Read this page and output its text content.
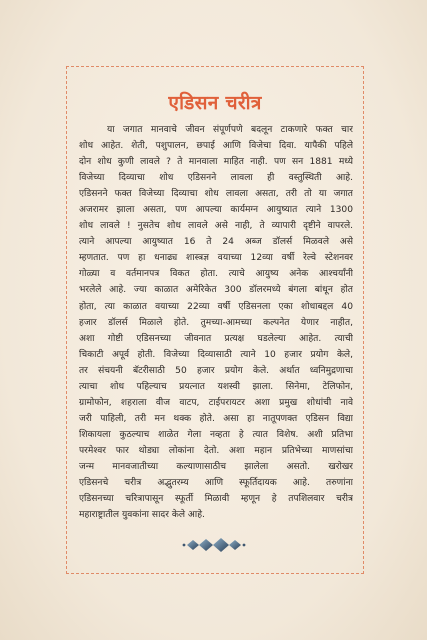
एडिसन चरीत्र
या जगात मानवाचे जीवन संपूर्णपणे बदलून टाकणारे फक्त चार
शोध आहेत. शेती, पशुपालन, छपाई आणि विजेचा दिवा. यापैकी पहिले
दोन शोध कुणी लावले ? ते मानवाला माहित नाही. पण सन 1881 मध्ये
विजेच्या दिव्याचा शोध एडिसनने लावला ही वस्तुस्थिती आहे.
एडिसनने फक्त विजेच्या दिव्याचा शोध लावला असता, तरी तो या जगात
अजरामर झाला असता, पण आपल्या कार्यमग्न आयुष्यात त्याने 1300
शोध लावले ! नुसतेच शोध लावले असे नाही, ते व्यापारी दृष्टीने वापरले.
त्याने आपल्या आयुष्यात 16 ते 24 अब्ज डॉलर्स मिळवले असे
म्हणतात. पण हा धनाढ्य शास्त्रज्ञ वयाच्या 12व्या वर्षी रेल्वे स्टेशनवर
गोळ्या व वर्तमानपत्र विकत होता. त्याचे आयुष्य अनेक आश्चर्यांनी
भरलेले आहे. ज्या काळात अमेरिकेत 300 डॉलरमध्ये बंगला बांधून होत
होता, त्या काळात वयाच्या 22व्या वर्षी एडिसनला एका शोधाबद्दल 40
हजार डॉलर्स मिळाले होते. तुमच्या-आमच्या कल्पनेत येणार नाहीत,
अशा गोष्टी एडिसनच्या जीवनात प्रत्यक्ष घडलेल्या आहेत. त्याची
चिकाटी अपूर्व होती. विजेच्या दिव्यासाठी त्याने 10 हजार प्रयोग केले,
तर संचयनी बॅटरीसाठी 50 हजार प्रयोग केले. अर्थात ध्वनिमुद्रणाचा
त्याचा शोध पहिल्याच प्रयत्नात यशस्वी झाला. सिनेमा, टेलिफोन,
ग्रामोफोन, शहराला वीज वाटप, टाईपरायटर अशा प्रमुख शोधांची नावे
जरी पाहिली, तरी मन थक्क होते. असा हा नातूपणक्त एडिसन विद्या
शिकायला कुठल्याच शाळेत गेला नव्हता हे त्यात विशेष. अशी प्रतिभा
परमेश्वर फार थोड्या लोकांना देतो. अशा महान प्रतिभेच्या माणसांचा
जन्म मानवजातीच्या कल्याणासाठीच झालेला असतो. खरोखर
एडिसनचे चरीत्र अद्भुतरम्य आणि स्फूर्तिदायक आहे. तरुणांना
एडिसनच्या चरित्रापासून स्फूर्ती मिळावी म्हणून हे तपशिलवार चरीत्र
महाराष्ट्रातील युवकांना सादर केले आहे.
